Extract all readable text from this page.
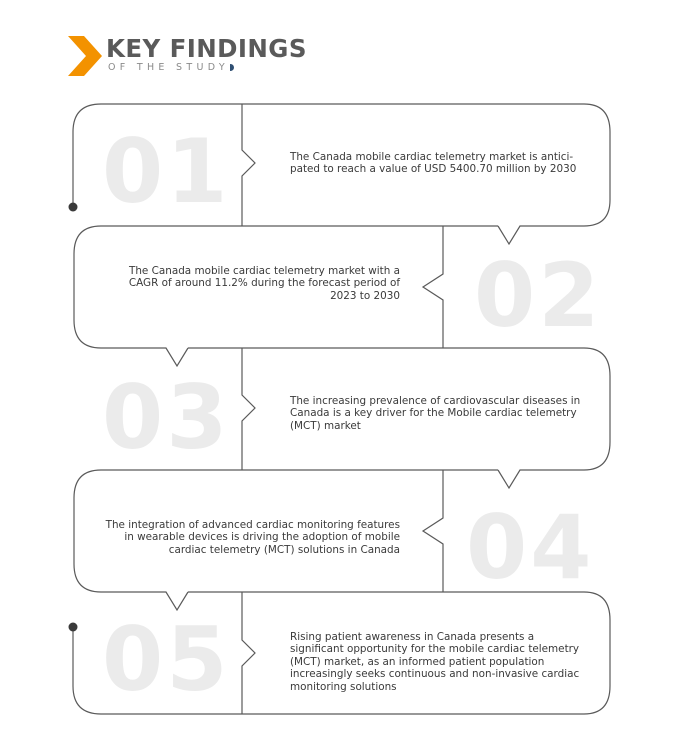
KEY FINDINGS
OF THE STUDY
01	The Canada mobile cardiac telemetry market is antici-pated to reach a value of USD 5400.70 million by 2030
02
The Canada mobile cardiac telemetry market with a CAGR of around 11.2% during the forecast period of 2023 to 2030
03	The increasing prevalence of cardiovascular diseases in Canada is a key driver for the Mobile cardiac telemetry (MCT) market
04
The integration of advanced cardiac monitoring features in wearable devices is driving the adoption of mobile cardiac telemetry (MCT) solutions in Canada
05	Rising patient awareness in Canada presents a significant opportunity for the mobile cardiac telemetry (MCT) market, as an informed patient population increasingly seeks continuous and non-invasive cardiac monitoring solutions
